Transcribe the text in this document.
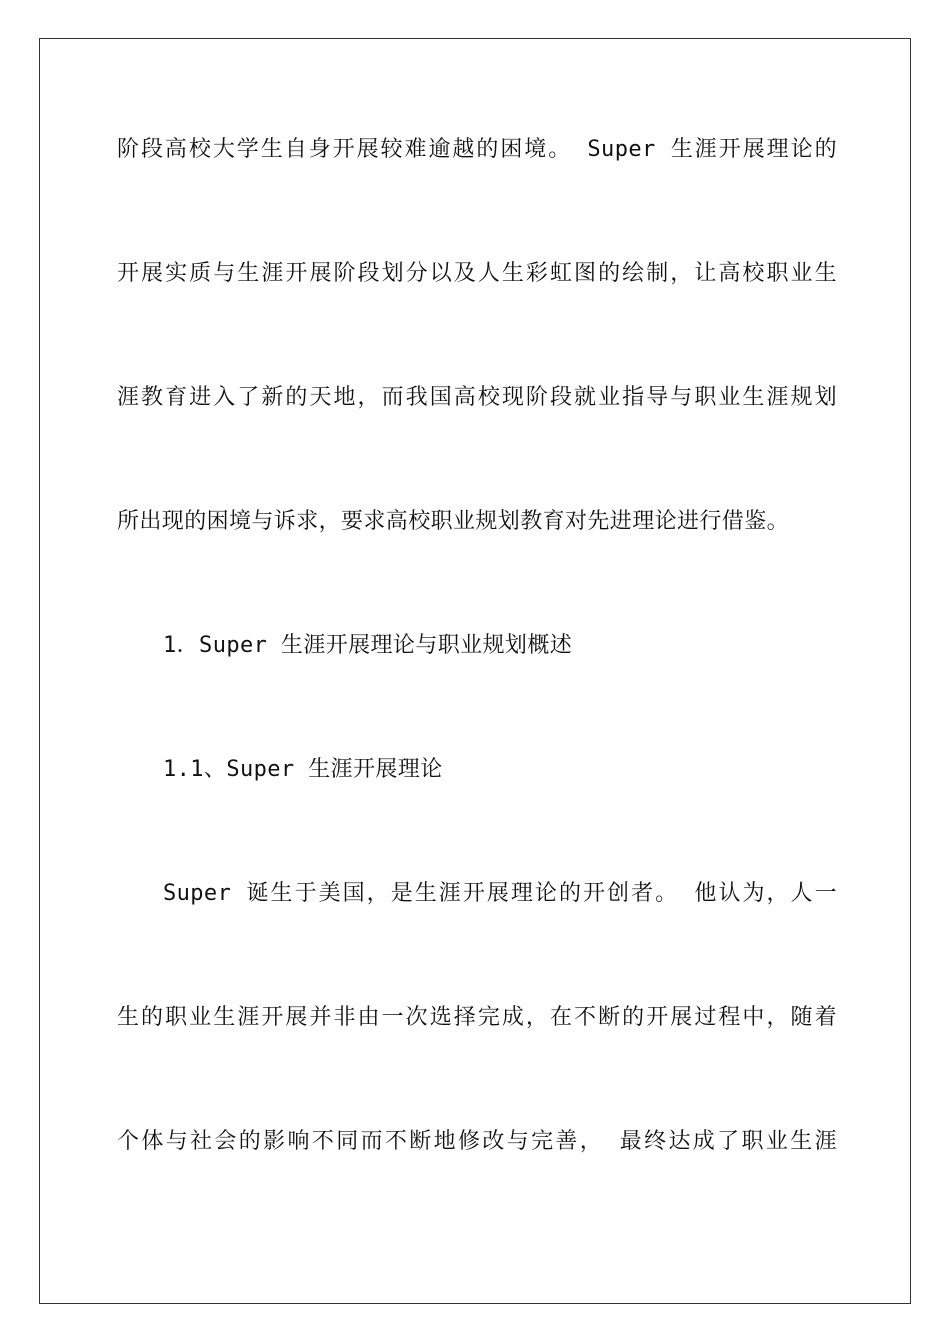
阶段高校大学生自身开展较难逾越的困境。 Super 生涯开展理论的
开展实质与生涯开展阶段划分以及人生彩虹图的绘制，让高校职业生
涯教育进入了新的天地，而我国高校现阶段就业指导与职业生涯规划
所出现的困境与诉求，要求高校职业规划教育对先进理论进行借鉴。
1．Super 生涯开展理论与职业规划概述
1.1、Super 生涯开展理论
Super 诞生于美国，是生涯开展理论的开创者。 他认为，人一
生的职业生涯开展并非由一次选择完成，在不断的开展过程中，随着
个体与社会的影响不同而不断地修改与完善， 最终达成了职业生涯
